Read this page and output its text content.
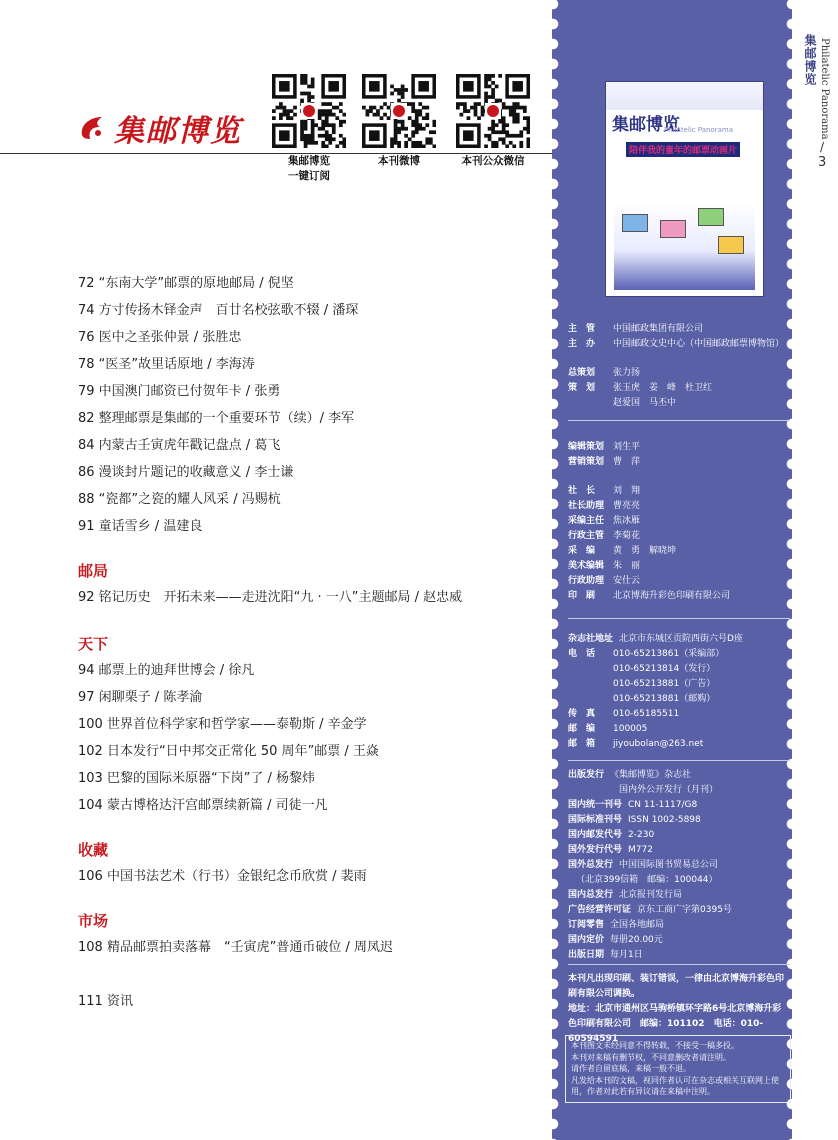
集邮博览
集邮博览
一键订阅
本刊微博	本刊公众微信
72 “东南大学”邮票的原地邮局 / 倪坚
74 方寸传扬木铎金声　百廿名校弦歌不辍 / 潘琛
76 医中之圣张仲景 / 张胜忠
78 “医圣”故里话原地 / 李海涛
79 中国澳门邮资已付贺年卡 / 张勇
82 整理邮票是集邮的一个重要环节（续）/ 李军
84 内蒙古壬寅虎年戳记盘点 / 葛飞
86 漫谈封片题记的收藏意义 / 李士谦
88 “瓷都”之瓷的耀人风采 / 冯赐杭
91 童话雪乡 / 温建良
邮局
92 铭记历史　开拓未来——走进沈阳“九 · 一八”主题邮局 / 赵忠威
天下
94 邮票上的迪拜世博会 / 徐凡
97 闲聊栗子 / 陈孝渝
100 世界首位科学家和哲学家——泰勒斯 / 辛金学
102 日本发行“日中邦交正常化 50 周年”邮票 / 王焱
103 巴黎的国际米原器“下岗”了 / 杨黎炜
104 蒙古博格达汗宫邮票续新篇 / 司徒一凡
收藏
106 中国书法艺术（行书）金银纪念币欣赏 / 裴雨
市场
108 精品邮票拍卖落幕　“壬寅虎”普通币破位 / 周凤迟
111 资讯
集邮博览 Philatelic Panorama
/
3
集邮博览
Philatelic Panorama
陪伴我的童年的邮票动画片
主　管 中国邮政集团有限公司
主　办 中国邮政文史中心（中国邮政邮票博物馆）
总策划 张力扬
策　划 张玉虎　姜　峰　杜卫红
赵爱国　马丕中
编辑策划 刘生平
营销策划 曹　萍
社　长 刘　翔
社长助理 曹亮亮
采编主任 焦冰雁
行政主管 李菊花
采　编 黄　勇　解晓坤
美术编辑 朱　丽
行政助理 安仕云
印　刷 北京博海升彩色印刷有限公司
杂志社地址 北京市东城区贡院西街六号D座
电　话 010-65213861（采编部）
010-65213814（发行）
010-65213881（广告）
010-65213881（邮购）
传　真 010-65185511
邮　编 100005
邮　箱 jiyoubolan@263.net
出版发行 《集邮博览》杂志社
国内外公开发行（月刊）
国内统一刊号 CN 11-1117/G8
国际标准刊号 ISSN 1002-5898
国内邮发代号 2-230
国外发行代号 M772
国外总发行 中国国际图书贸易总公司
（北京399信箱　邮编：100044）
国内总发行 北京报刊发行局
广告经营许可证 京东工商广字第0395号
订阅零售 全国各地邮局
国内定价 每册20.00元
出版日期 每月1日
本刊凡出现印刷、装订错误，一律由北京博海升彩色印刷有限公司调换。
地址：北京市通州区马驹桥镇环字路6号北京博海升彩色印刷有限公司　邮编：101102　电话：010-60594591
本刊图文未经同意不得转载，不接受一稿多投。
本刊对来稿有删节权，不同意删改者请注明。
请作者自留底稿，来稿一般不退。
凡发给本刊的文稿，视同作者认可在杂志或相关互联网上使用，作者对此若有异议请在来稿中注明。
